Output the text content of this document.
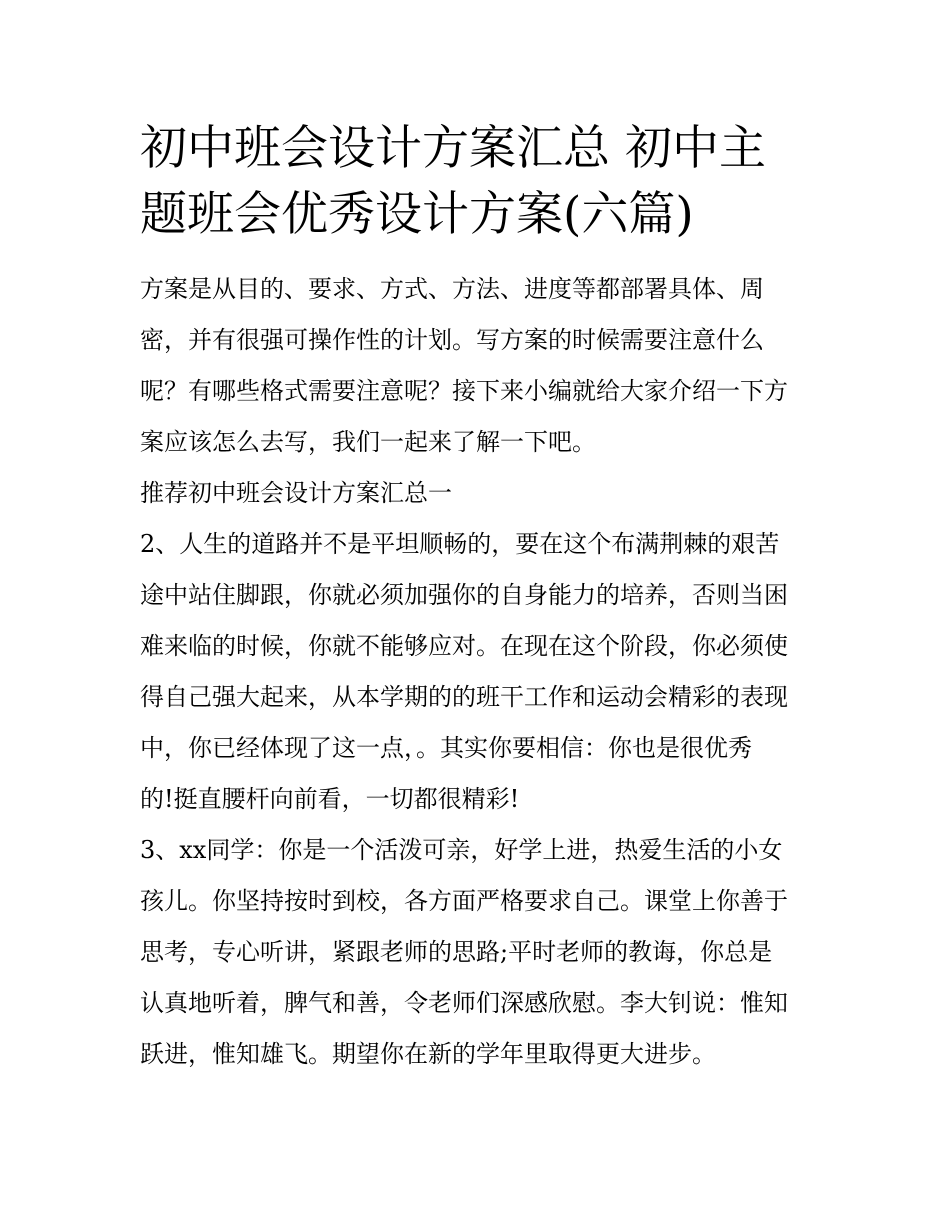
初中班会设计方案汇总 初中主
题班会优秀设计方案(六篇)

方案是从目的、要求、方式、方法、进度等都部署具体、周
密，并有很强可操作性的计划。写方案的时候需要注意什么
呢？有哪些格式需要注意呢？接下来小编就给大家介绍一下方
案应该怎么去写，我们一起来了解一下吧。

推荐初中班会设计方案汇总一

2、人生的道路并不是平坦顺畅的，要在这个布满荆棘的艰苦
途中站住脚跟，你就必须加强你的自身能力的培养，否则当困
难来临的时候，你就不能够应对。在现在这个阶段，你必须使
得自己强大起来，从本学期的的班干工作和运动会精彩的表现
中，你已经体现了这一点，。其实你要相信：你也是很优秀
的!挺直腰杆向前看，一切都很精彩!

3、xx同学：你是一个活泼可亲，好学上进，热爱生活的小女
孩儿。你坚持按时到校，各方面严格要求自己。课堂上你善于
思考，专心听讲，紧跟老师的思路;平时老师的教诲，你总是
认真地听着，脾气和善，令老师们深感欣慰。李大钊说：惟知
跃进，惟知雄飞。期望你在新的学年里取得更大进步。
